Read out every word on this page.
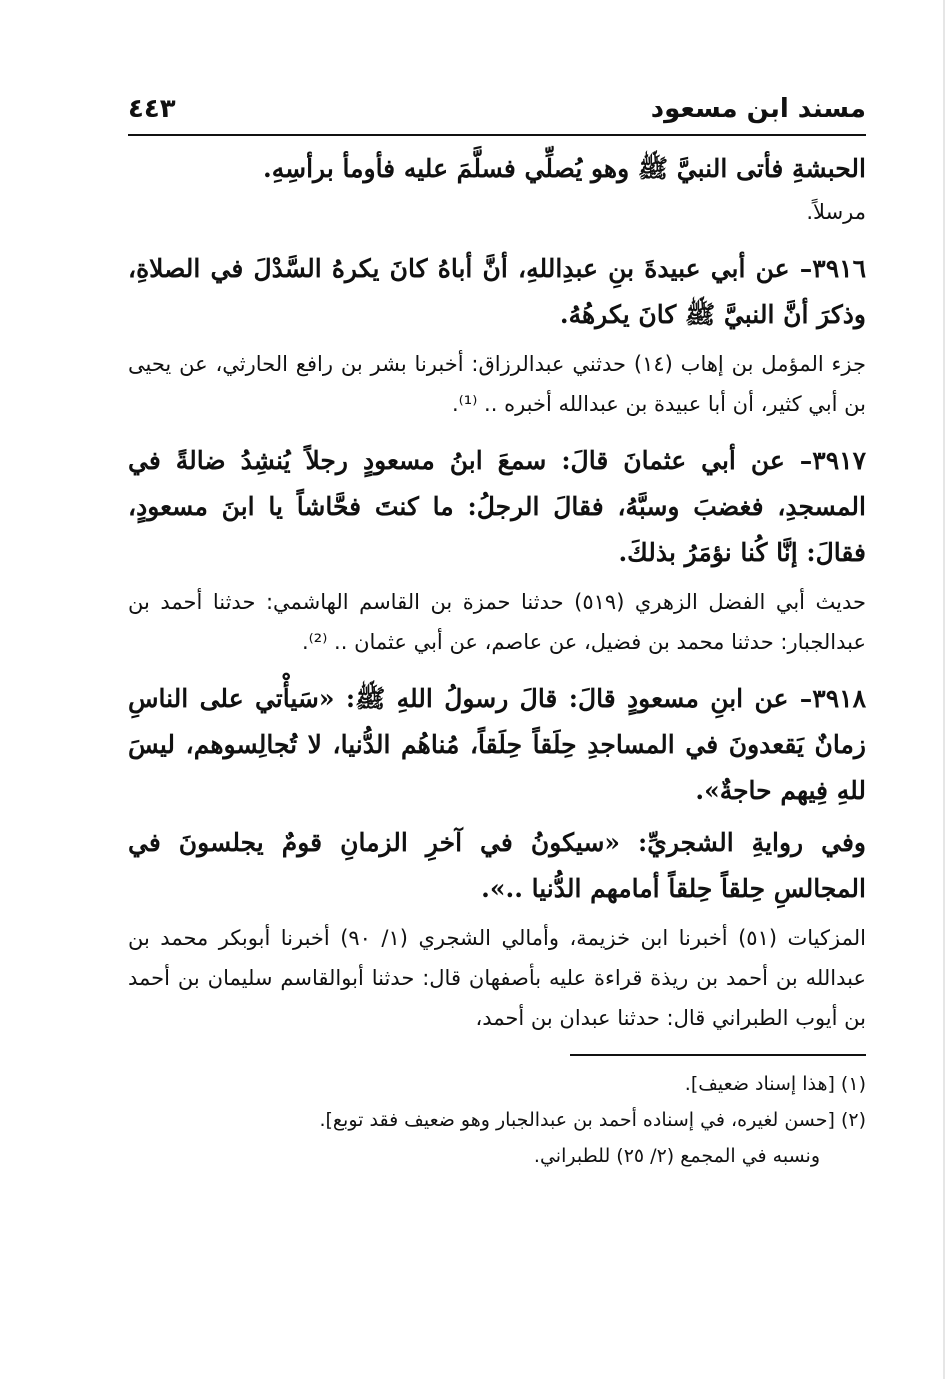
مسند ابن مسعود
٤٤٣

الحبشةِ فأتى النبيَّ ﷺ وهو يُصلِّي فسلَّمَ عليه فأومأ برأسِهِ.

مرسلاً.

٣٩١٦– عن أبي عبيدةَ بنِ عبدِاللهِ، أنَّ أباهُ كانَ يكرهُ السَّدْلَ في الصلاةِ، وذكرَ أنَّ النبيَّ ﷺ كانَ يكرهُهُ.

جزء المؤمل بن إهاب (١٤) حدثني عبدالرزاق: أخبرنا بشر بن رافع الحارثي، عن يحيى بن أبي كثير، أن أبا عبيدة بن عبدالله أخبره .. ⁽¹⁾.

٣٩١٧– عن أبي عثمانَ قالَ: سمعَ ابنُ مسعودٍ رجلاً يُنشِدُ ضالةً في المسجدِ، فغضبَ وسبَّهُ، فقالَ الرجلُ: ما كنتَ فحَّاشاً يا ابنَ مسعودٍ، فقالَ: إنَّا كُنا نؤمَرُ بذلكَ.

حديث أبي الفضل الزهري (٥١٩) حدثنا حمزة بن القاسم الهاشمي: حدثنا أحمد بن عبدالجبار: حدثنا محمد بن فضيل، عن عاصم، عن أبي عثمان .. ⁽²⁾.

٣٩١٨– عن ابنِ مسعودٍ قالَ: قالَ رسولُ اللهِ ﷺ: «سَيأْتي على الناسِ زمانٌ يَقعدونَ في المساجدِ حِلَقاً حِلَقاً، مُناهُم الدُّنيا، لا تُجالِسوهم، ليسَ للهِ فِيهم حاجةٌ».

وفي روايةِ الشجريِّ: «سيكونُ في آخرِ الزمانِ قومٌ يجلسونَ في المجالسِ حِلقاً حِلقاً أمامهم الدُّنيا ..».

المزكيات (٥١) أخبرنا ابن خزيمة، وأمالي الشجري (١/ ٩٠) أخبرنا أبوبكر محمد بن عبدالله بن أحمد بن ريذة قراءة عليه بأصفهان قال: حدثنا أبوالقاسم سليمان بن أحمد بن أيوب الطبراني قال: حدثنا عبدان بن أحمد،

(١) [هذا إسناد ضعيف].

(٢) [حسن لغيره، في إسناده أحمد بن عبدالجبار وهو ضعيف فقد توبع].

ونسبه في المجمع (٢/ ٢٥) للطبراني.
